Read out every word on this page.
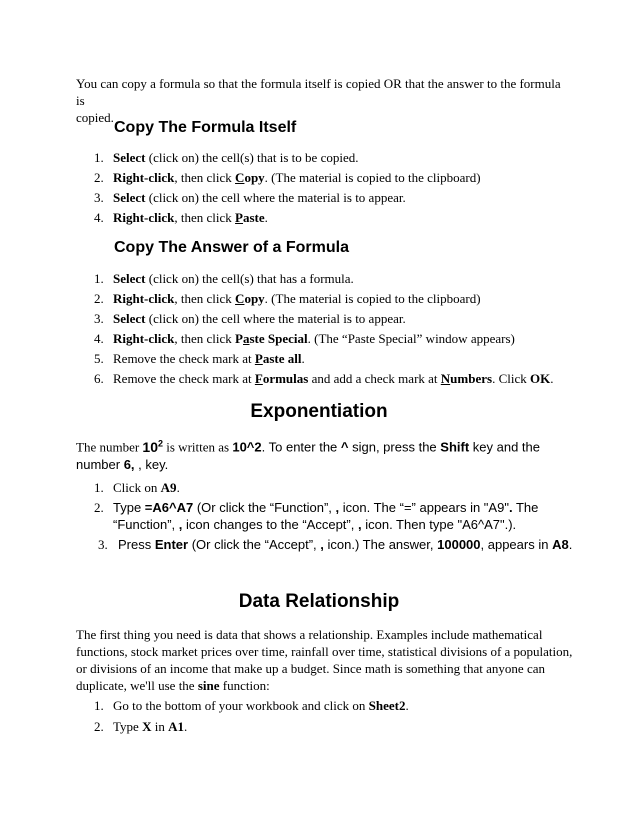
You can copy a formula so that the formula itself is copied OR that the answer to the formula is
copied.

Copy The Formula Itself
1. Select (click on) the cell(s) that is to be copied.
2. Right-click, then click Copy. (The material is copied to the clipboard)
3. Select (click on) the cell where the material is to appear.
4. Right-click, then click Paste.
Copy The Answer of a Formula
1. Select (click on) the cell(s) that has a formula.
2. Right-click, then click Copy. (The material is copied to the clipboard)
3. Select (click on) the cell where the material is to appear.
4. Right-click, then click Paste Special. (The “Paste Special” window appears)
5. Remove the check mark at Paste all.
6. Remove the check mark at Formulas and add a check mark at Numbers. Click OK.
Exponentiation

The number $10^2$ is written as 10^2. To enter the ^ sign, press the Shift key and the
number 6, , key.

1. Click on A9.
2. Type =A6^A7 (Or click the “Function”, , icon. The “=” appears in "A9". The
“Function”, , icon changes to the “Accept”, , icon. Then type "A6^A7".).
3. Press Enter (Or click the “Accept”, , icon.) The answer, 100000, appears in A8.
Data Relationship

The first thing you need is data that shows a relationship. Examples include mathematical
functions, stock market prices over time, rainfall over time, statistical divisions of a population,
or divisions of an income that make up a budget. Since math is something that anyone can
duplicate, we'll use the sine function:

1. Go to the bottom of your workbook and click on Sheet2.
2. Type X in A1.
